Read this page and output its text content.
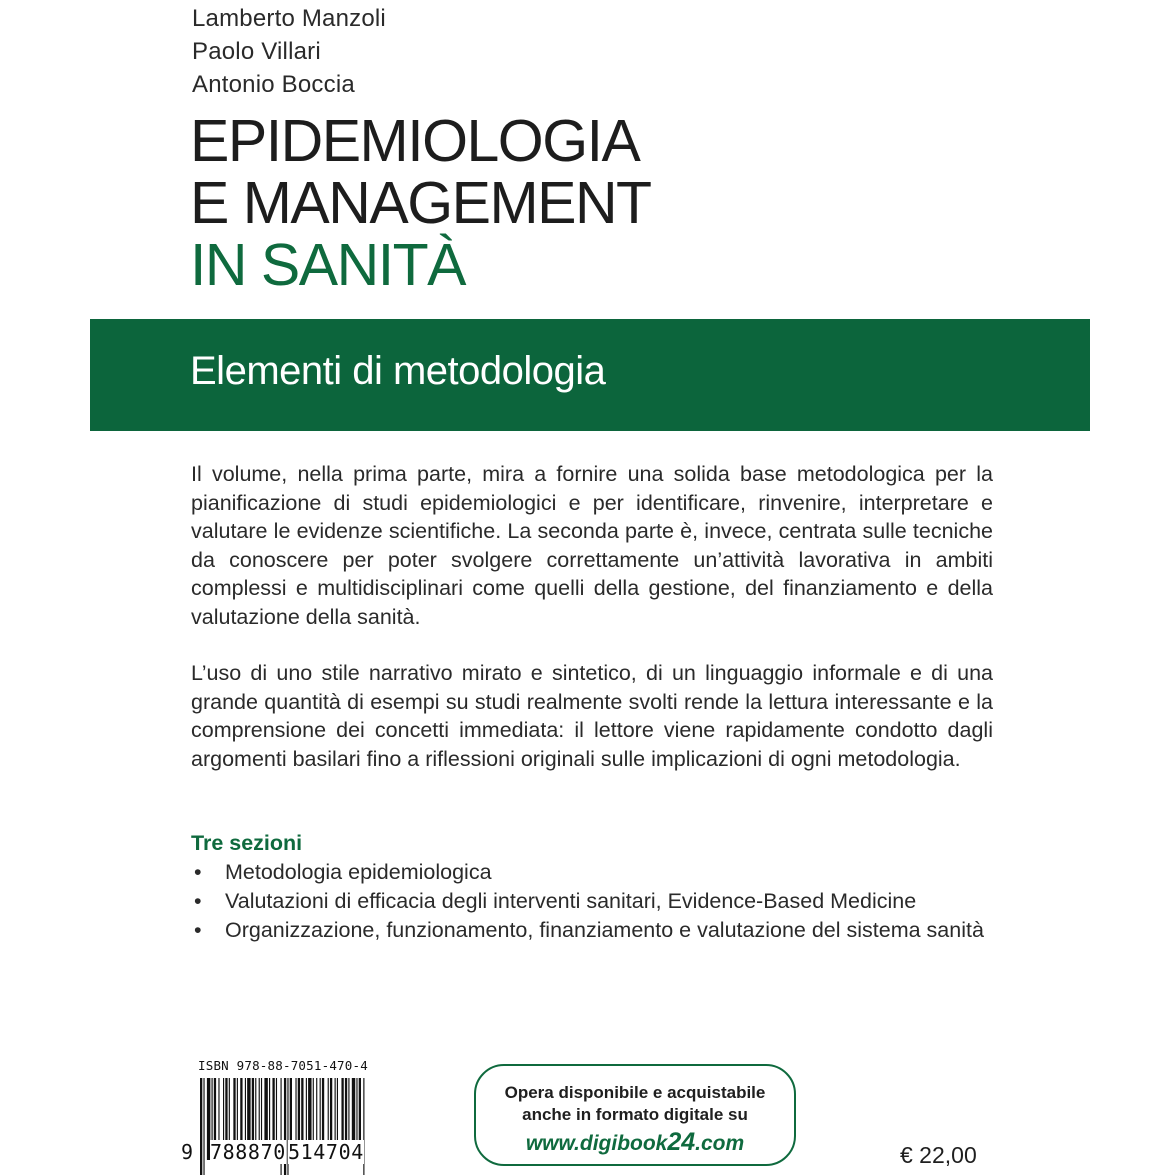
Lamberto Manzoli
Paolo Villari
Antonio Boccia
EPIDEMIOLOGIA
E MANAGEMENT
IN SANITÀ
Elementi di metodologia
Il volume, nella prima parte, mira a fornire una solida base metodologica per la pianificazione di studi epidemiologici e per identificare, rinvenire, interpretare e valutare le evidenze scientifiche. La seconda parte è, invece, centrata sulle tecniche da conoscere per poter svolgere correttamente un’attività lavorativa in ambiti complessi e multidisciplinari come quelli della gestione, del finanziamento e della valutazione della sanità.
L’uso di uno stile narrativo mirato e sintetico, di un linguaggio informale e di una grande quantità di esempi su studi realmente svolti rende la lettura interessante e la comprensione dei concetti immediata: il lettore viene rapidamente condotto dagli argomenti basilari fino a riflessioni originali sulle implicazioni di ogni metodologia.
Tre sezioni
• Metodologia epidemiologica
• Valutazioni di efficacia degli interventi sanitari, Evidence-Based Medicine
• Organizzazione, funzionamento, finanziamento e valutazione del sistema sanità
ISBN 978-88-7051-470-4
9 788870 514704
Opera disponibile e acquistabile
anche in formato digitale su
www.digibook24.com	€ 22,00
